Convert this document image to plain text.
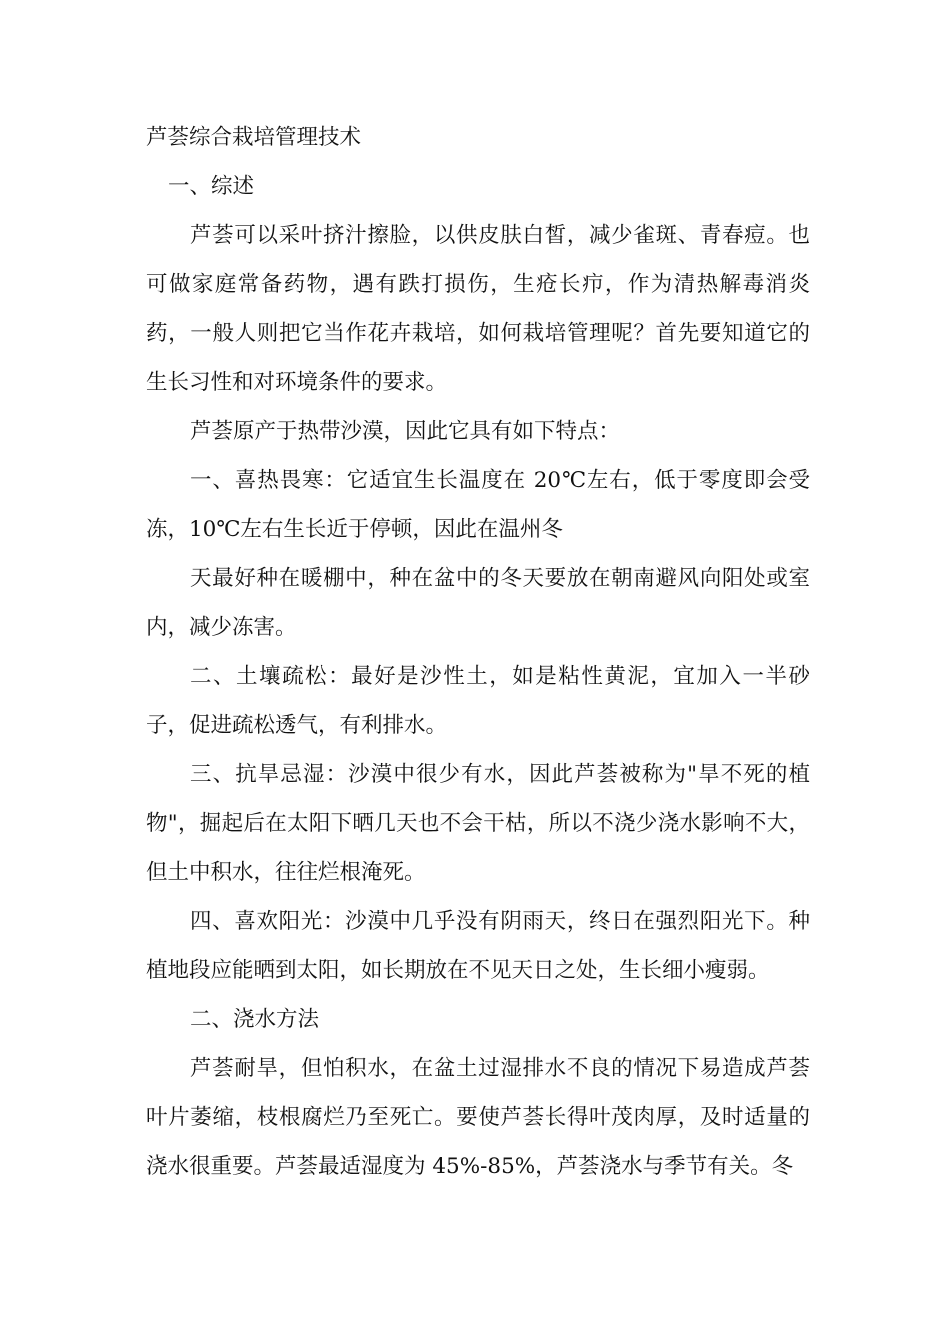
芦荟综合栽培管理技术

一、综述

芦荟可以采叶挤汁擦脸，以供皮肤白皙，减少雀斑、青春痘。也可做家庭常备药物，遇有跌打损伤，生疮长疖，作为清热解毒消炎药，一般人则把它当作花卉栽培，如何栽培管理呢？首先要知道它的生长习性和对环境条件的要求。

芦荟原产于热带沙漠，因此它具有如下特点：

一、喜热畏寒：它适宜生长温度在 20℃左右，低于零度即会受冻，10℃左右生长近于停顿，因此在温州冬

天最好种在暖棚中，种在盆中的冬天要放在朝南避风向阳处或室内，减少冻害。

二、土壤疏松：最好是沙性土，如是粘性黄泥，宜加入一半砂子，促进疏松透气，有利排水。

三、抗旱忌湿：沙漠中很少有水，因此芦荟被称为"旱不死的植物"，掘起后在太阳下晒几天也不会干枯，所以不浇少浇水影响不大，但土中积水，往往烂根淹死。

四、喜欢阳光：沙漠中几乎没有阴雨天，终日在强烈阳光下。种植地段应能晒到太阳，如长期放在不见天日之处，生长细小瘦弱。

二、浇水方法

芦荟耐旱，但怕积水，在盆土过湿排水不良的情况下易造成芦荟叶片萎缩，枝根腐烂乃至死亡。要使芦荟长得叶茂肉厚，及时适量的浇水很重要。芦荟最适湿度为 45%-85%，芦荟浇水与季节有关。冬
